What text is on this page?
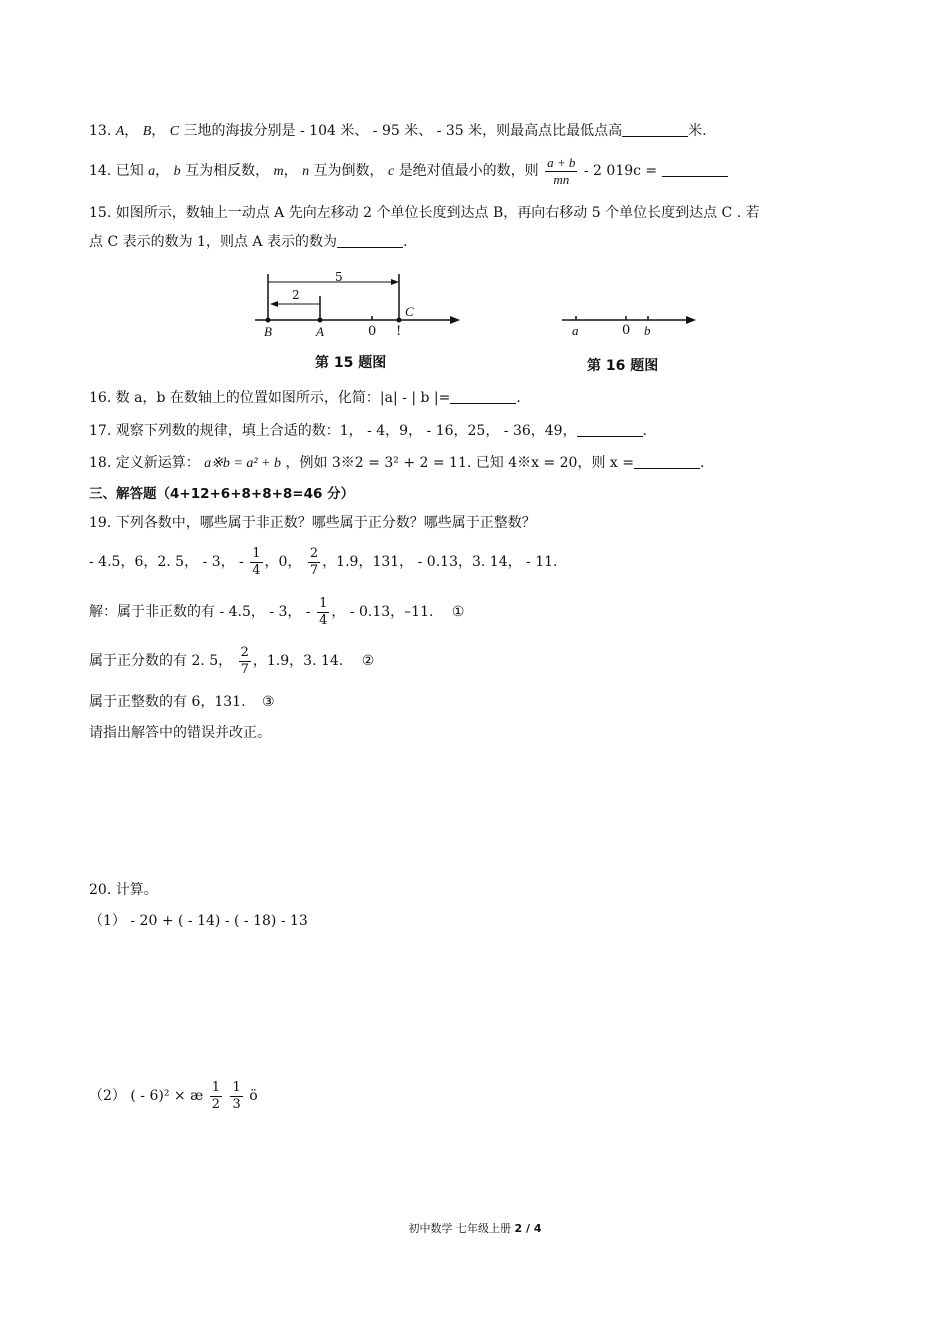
13. A， B， C 三地的海拔分别是 - 104 米、 - 95 米、 - 35 米，则最高点比最低点高	米.
14. 已知 a， b 互为相反数， m， n 互为倒数， c 是绝对值最小的数，则 $\frac{a + b}{mn} - 2$ 019c =
15. 如图所示，数轴上一动点 A 先向左移动 2 个单位长度到达点 B，再向右移动 5 个单位长度到达点 C . 若
点 C 表示的数为 1，则点 A 表示的数为	.
5
2
C
B	A	0 !
第 15 题图
a	0 b
第 16 题图
16. 数 a，b 在数轴上的位置如图所示，化简：|a| - | b |=	.
17. 观察下列数的规律，填上合适的数：1， - 4，9， - 16，25， - 36，49，	.
18. 定义新运算： a※b = a² + b ，例如 3※2 = 3² + 2 = 11. 已知 4※x = 20，则 x =	.
三、解答题（4+12+6+8+8+8=46 分）
19. 下列各数中，哪些属于非正数？哪些属于正分数？哪些属于正整数？
- 4.5，6，2. 5， - 3， - $\frac{1}{4}$ ，0， $\frac{2}{7}$ ，1.9，131， - 0.13，3. 14， - 11.
解：属于非正数的有 - 4.5， - 3， - $\frac{1}{4}$ ， - 0.13，–11. ①
属于正分数的有 2. 5， $\frac{2}{7}$ ，1.9，3. 14. ②
属于正整数的有 6，131. ③
请指出解答中的错误并改正。
20. 计算。
（1） - 20 + ( - 14) - ( - 18) - 13
（2） ( - 6)² × æ $\frac{1}{2}$
$\frac{1}{3}$ ö
初中数学 七年级上册 2 / 4
